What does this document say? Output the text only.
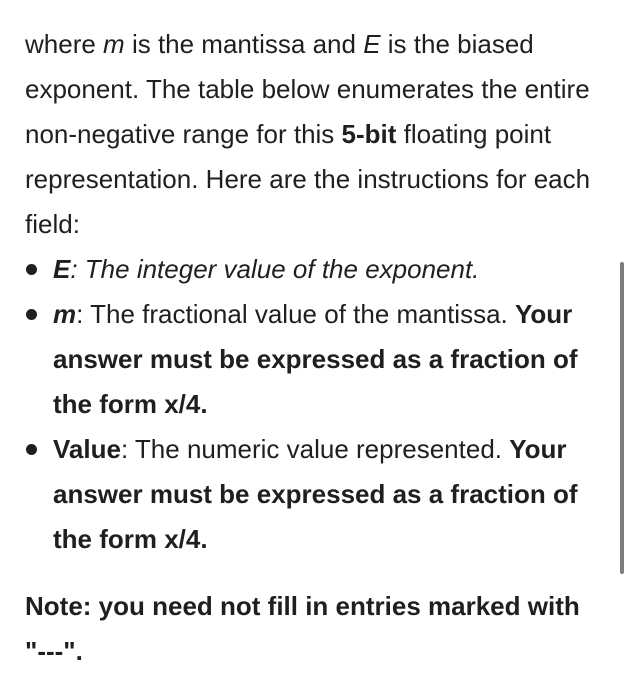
where m is the mantissa and E is the biased exponent. The table below enumerates the entire non-negative range for this 5-bit floating point representation. Here are the instructions for each field:

E: The integer value of the exponent.
m: The fractional value of the mantissa. Your answer must be expressed as a fraction of the form x/4.
Value: The numeric value represented. Your answer must be expressed as a fraction of the form x/4.

Note: you need not fill in entries marked with "---".
